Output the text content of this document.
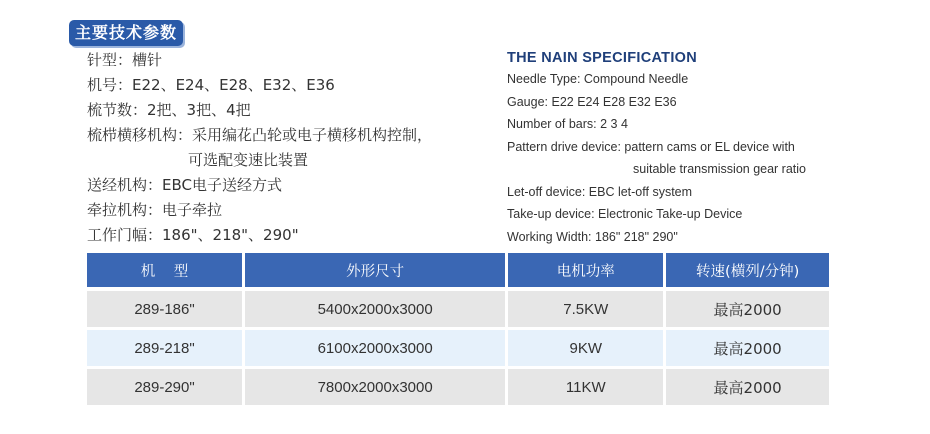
主要技术参数
针型：槽针
机号：E22、E24、E28、E32、E36
梳节数：2把、3把、4把
梳栉横移机构：采用编花凸轮或电子横移机构控制，
可选配变速比装置
送经机构：EBC电子送经方式
牵拉机构：电子牵拉
工作门幅：186"、218"、290"
THE NAIN SPECIFICATION
Needle Type: Compound Needle
Gauge: E22 E24 E28 E32 E36
Number of bars: 2 3 4
Pattern drive device: pattern cams or EL device with
suitable transmission gear ratio
Let-off device: EBC let-off system
Take-up device: Electronic Take-up Device
Working Width: 186" 218" 290"
机    型	外形尺寸	电机功率	转速(横列/分钟)
289-186"	5400x2000x3000	7.5KW	最高2000
289-218"	6100x2000x3000	9KW	最高2000
289-290"	7800x2000x3000	11KW	最高2000
